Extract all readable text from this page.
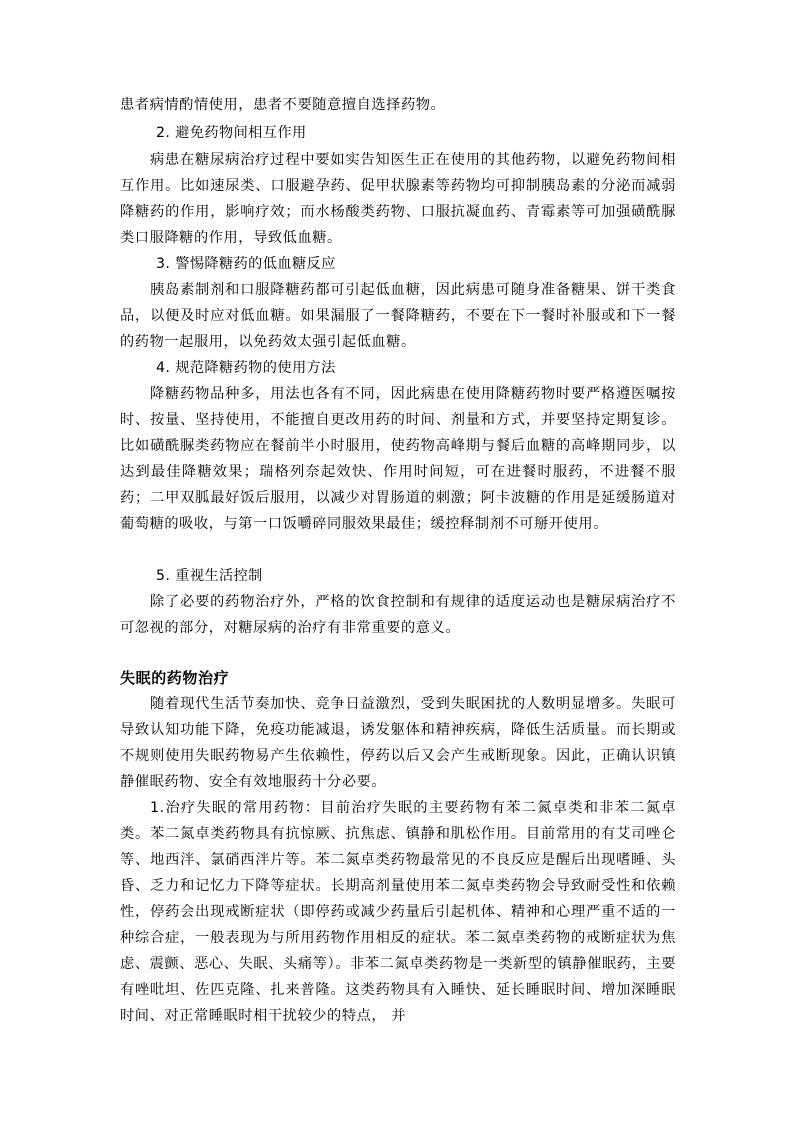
患者病情酌情使用，患者不要随意擅自选择药物。

2. 避免药物间相互作用

病患在糖尿病治疗过程中要如实告知医生正在使用的其他药物，以避免药物间相互作用。比如速尿类、口服避孕药、促甲状腺素等药物均可抑制胰岛素的分泌而减弱降糖药的作用，影响疗效；而水杨酸类药物、口服抗凝血药、青霉素等可加强磺酰脲类口服降糖的作用，导致低血糖。

3. 警惕降糖药的低血糖反应

胰岛素制剂和口服降糖药都可引起低血糖，因此病患可随身准备糖果、饼干类食品，以便及时应对低血糖。如果漏服了一餐降糖药，不要在下一餐时补服或和下一餐的药物一起服用，以免药效太强引起低血糖。

4. 规范降糖药物的使用方法

降糖药物品种多，用法也各有不同，因此病患在使用降糖药物时要严格遵医嘱按时、按量、坚持使用，不能擅自更改用药的时间、剂量和方式，并要坚持定期复诊。比如磺酰脲类药物应在餐前半小时服用，使药物高峰期与餐后血糖的高峰期同步，以达到最佳降糖效果；瑞格列奈起效快、作用时间短，可在进餐时服药，不进餐不服药；二甲双胍最好饭后服用，以减少对胃肠道的刺激；阿卡波糖的作用是延缓肠道对葡萄糖的吸收，与第一口饭嚼碎同服效果最佳；缓控释制剂不可掰开使用。

5. 重视生活控制

除了必要的药物治疗外，严格的饮食控制和有规律的适度运动也是糖尿病治疗不可忽视的部分，对糖尿病的治疗有非常重要的意义。

失眠的药物治疗

随着现代生活节奏加快、竞争日益激烈，受到失眠困扰的人数明显增多。失眠可导致认知功能下降，免疫功能减退，诱发躯体和精神疾病，降低生活质量。而长期或不规则使用失眠药物易产生依赖性，停药以后又会产生戒断现象。因此，正确认识镇静催眠药物、安全有效地服药十分必要。

1.治疗失眠的常用药物：目前治疗失眠的主要药物有苯二氮卓类和非苯二氮卓类。苯二氮卓类药物具有抗惊厥、抗焦虑、镇静和肌松作用。目前常用的有艾司唑仑等、地西泮、氯硝西泮片等。苯二氮卓类药物最常见的不良反应是醒后出现嗜睡、头昏、乏力和记忆力下降等症状。长期高剂量使用苯二氮卓类药物会导致耐受性和依赖性，停药会出现戒断症状（即停药或减少药量后引起机体、精神和心理严重不适的一种综合症，一般表现为与所用药物作用相反的症状。苯二氮卓类药物的戒断症状为焦虑、震颤、恶心、失眠、头痛等）。非苯二氮卓类药物是一类新型的镇静催眠药，主要有唑吡坦、佐匹克隆、扎来普隆。这类药物具有入睡快、延长睡眠时间、增加深睡眠时间、对正常睡眠时相干扰较少的特点， 并
